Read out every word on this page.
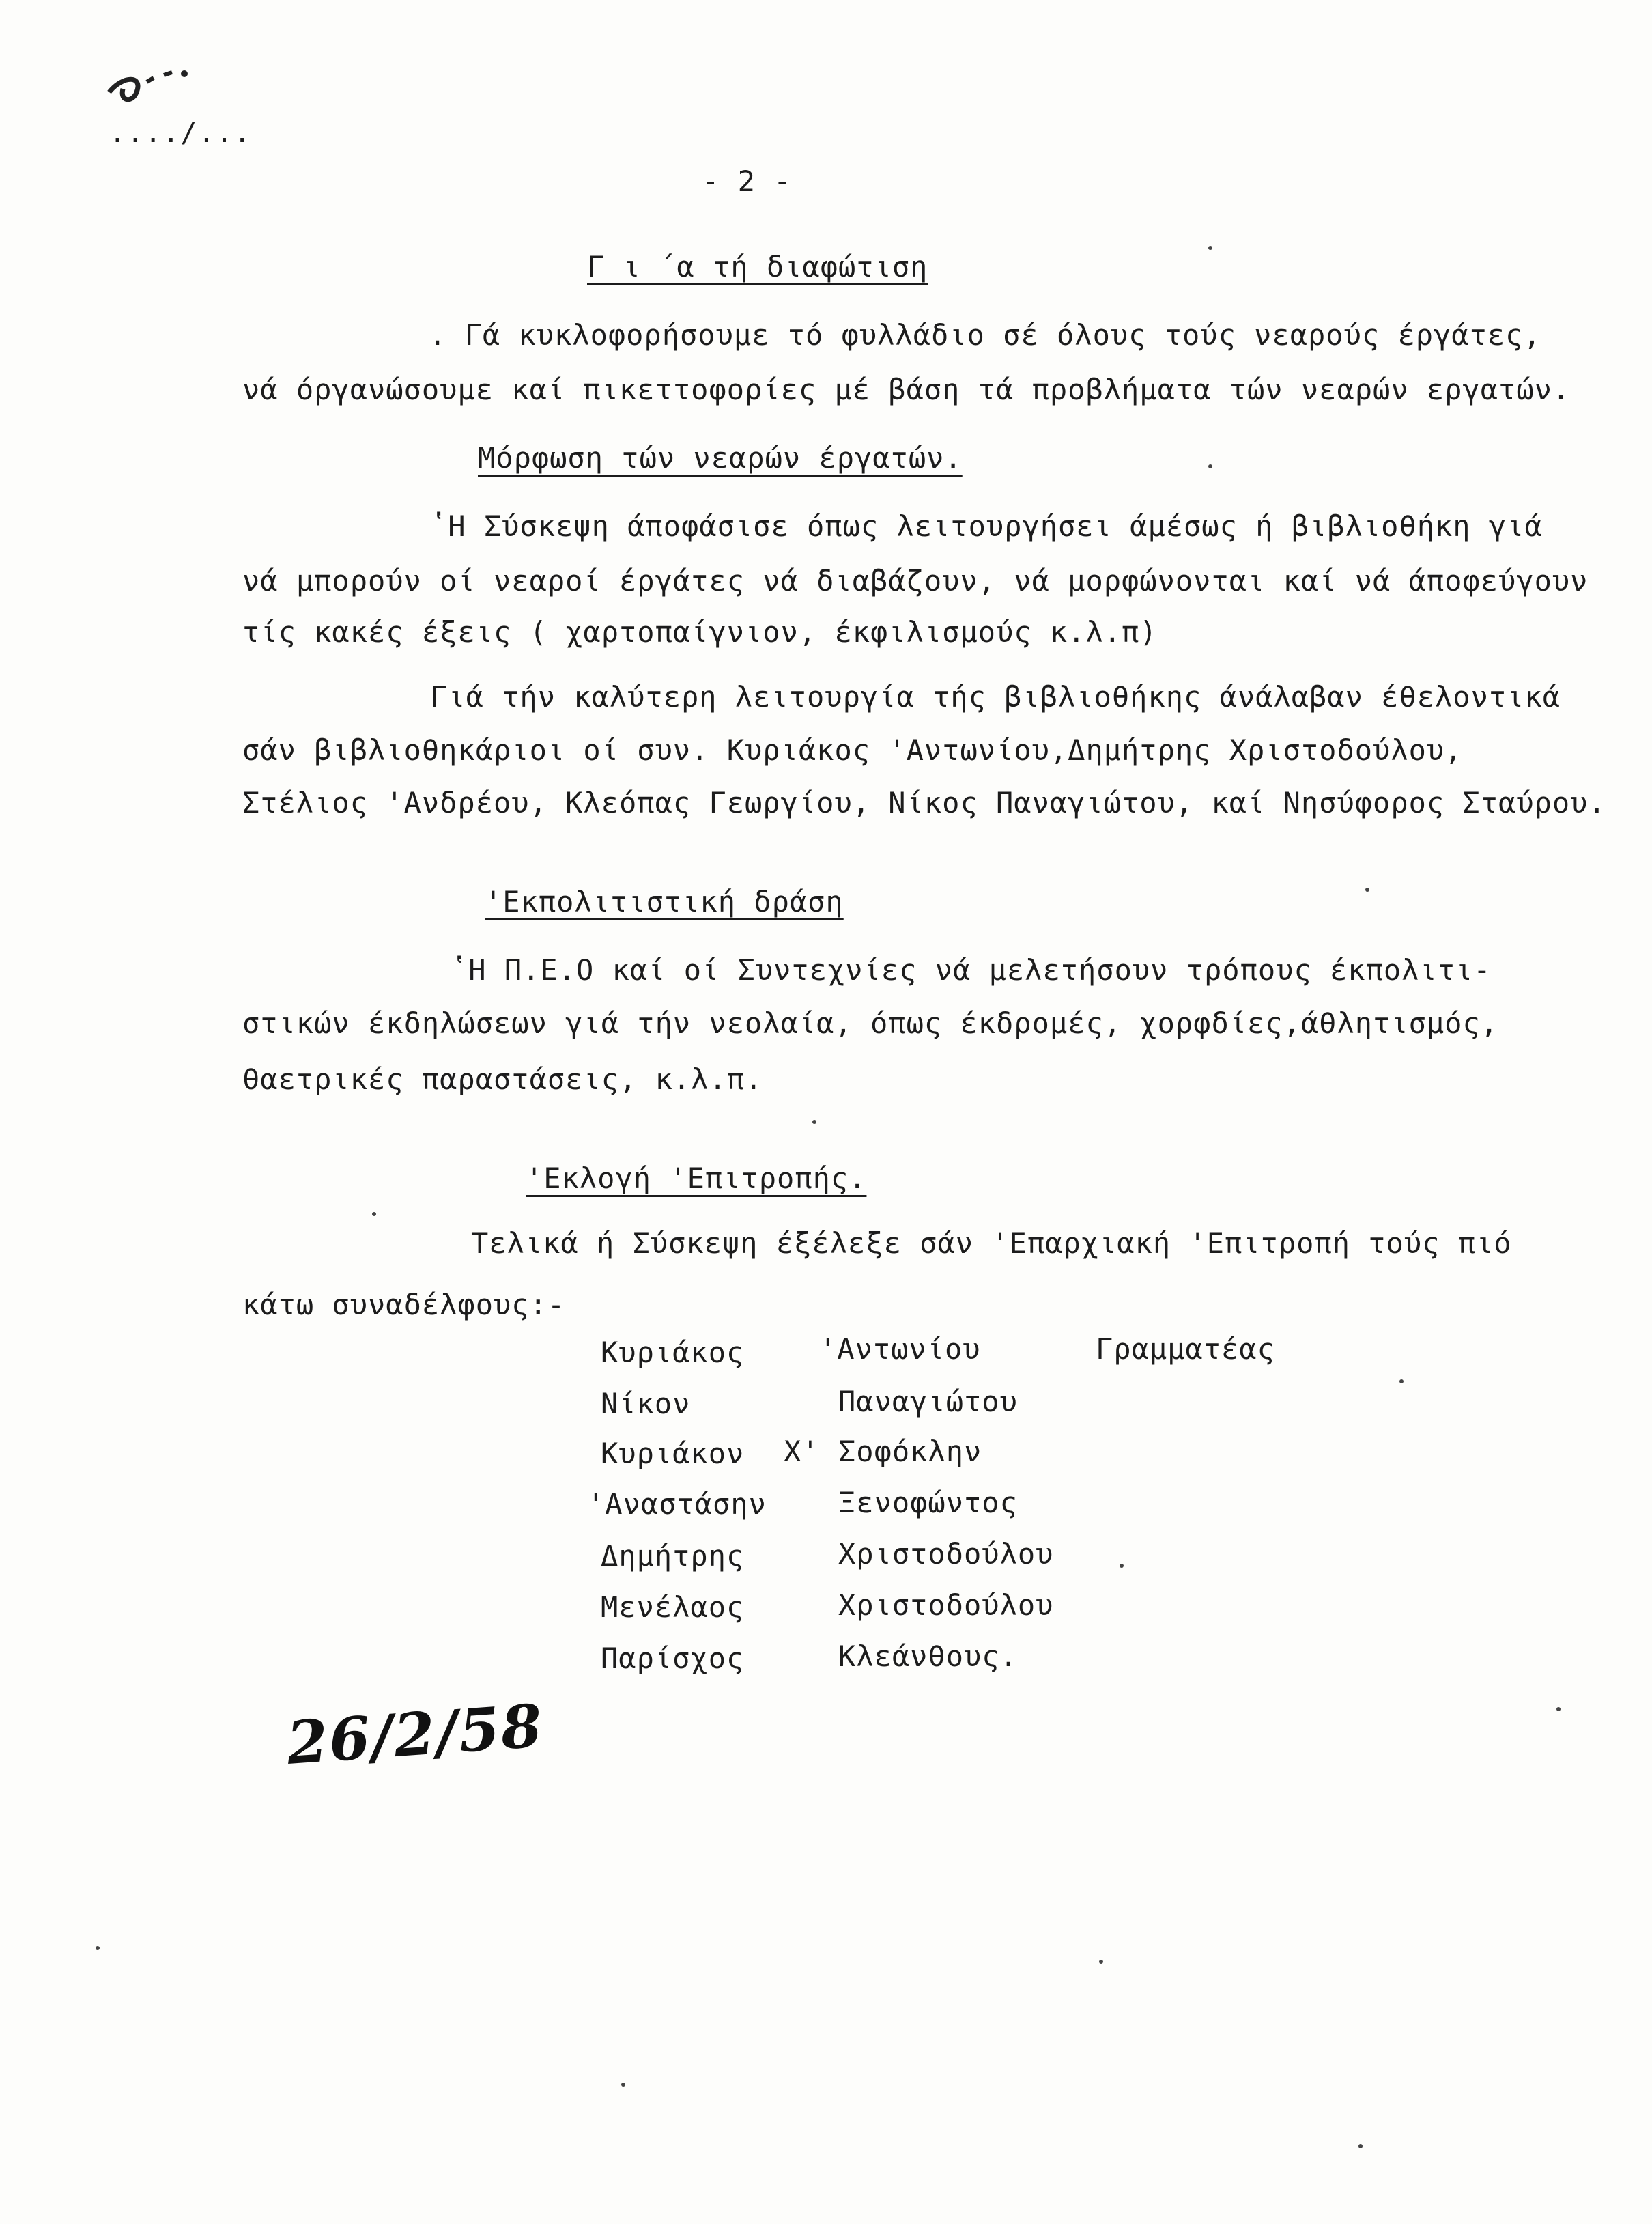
..../...
- 2 -
Γ ι ΄α τή διαφώτιση
. Γά κυκλοφορήσουμε τό φυλλάδιο σέ όλους τούς νεαρούς έργάτες,
νά όργανώσουμε καί πικεττοφορίες μέ βάση τά προβλήματα τών νεαρών εργατών.
Μόρφωση τών νεαρών έργατών.
ʽΗ Σύσκεψη άποφάσισε όπως λειτουργήσει άμέσως ή βιβλιοθήκη γιά
νά μπορούν οί νεαροί έργάτες νά διαβάζουν, νά μορφώνονται καί νά άποφεύγουν
τίς κακές έξεις ( χαρτοπαίγνιον, έκφιλισμούς κ.λ.π)
Γιά τήν καλύτερη λειτουργία τής βιβλιοθήκης άνάλαβαν έθελοντικά
σάν βιβλιοθηκάριοι οί συν. Κυριάκος 'Αντωνίου,Δημήτρης Χριστοδούλου,
Στέλιος 'Ανδρέου, Κλεόπας Γεωργίου, Νίκος Παναγιώτου, καί Νησύφορος Σταύρου.
'Εκπολιτιστική δράση
ʽΗ Π.Ε.Ο καί οί Συντεχνίες νά μελετήσουν τρόπους έκπολιτι-
στικών έκδηλώσεων γιά τήν νεολαία, όπως έκδρομές, χορφδίες,άθλητισμός,
θαετρικές παραστάσεις, κ.λ.π.
'Εκλογή 'Επιτροπής.
Τελικά ή Σύσκεψη έξέλεξε σάν 'Επαρχιακή 'Επιτροπή τούς πιό
κάτω συναδέλφους:-
Κυριάκος	'Αντωνίου	Γραμματέας
Νίκον	Παναγιώτου
Κυριάκον Χ' Σοφόκλην
'Αναστάσην	Ξενοφώντος
Δημήτρης	Χριστοδούλου
Μενέλαος	Χριστοδούλου
Παρίσχος	Κλεάνθους.
26/2/58
